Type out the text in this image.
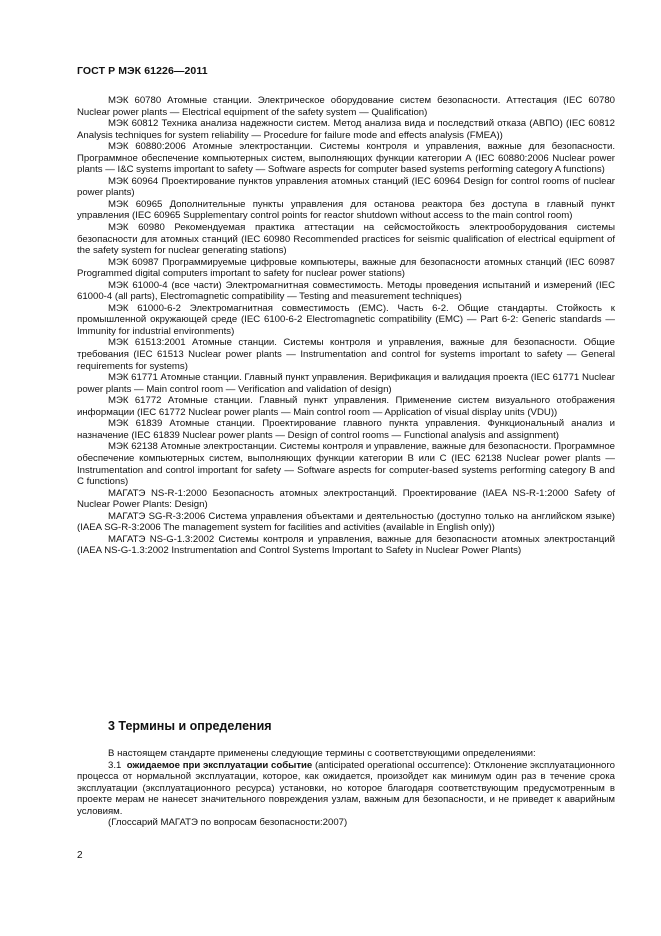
ГОСТ Р МЭК 61226—2011

МЭК 60780 Атомные станции. Электрическое оборудование систем безопасности. Аттестация (IEC 60780 Nuclear power plants — Electrical equipment of the safety system — Qualification)

МЭК 60812 Техника анализа надежности систем. Метод анализа вида и последствий отказа (АВПО) (IEC 60812 Analysis techniques for system reliability — Procedure for failure mode and effects analysis (FMEA))

МЭК 60880:2006 Атомные электростанции. Системы контроля и управления, важные для безопасности. Программное обеспечение компьютерных систем, выполняющих функции категории А (IEC 60880:2006 Nuclear power plants — I&C systems important to safety — Software aspects for computer based systems performing category A functions)

МЭК 60964 Проектирование пунктов управления атомных станций (IEC 60964 Design for control rooms of nuclear power plants)

МЭК 60965 Дополнительные пункты управления для останова реактора без доступа в главный пункт управления (IEC 60965 Supplementary control points for reactor shutdown without access to the main control room)

МЭК 60980 Рекомендуемая практика аттестации на сейсмостойкость электрооборудования системы безопасности для атомных станций (IEC 60980 Recommended practices for seismic qualification of electrical equipment of the safety system for nuclear generating stations)

МЭК 60987 Программируемые цифровые компьютеры, важные для безопасности атомных станций (IEC 60987 Programmed digital computers important to safety for nuclear power stations)

МЭК 61000-4 (все части) Электромагнитная совместимость. Методы проведения испытаний и измерений (IEC 61000-4 (all parts), Electromagnetic compatibility — Testing and measurement techniques)

МЭК 61000-6-2 Электромагнитная совместимость (ЕМС). Часть 6-2. Общие стандарты. Стойкость к промышленной окружающей среде (IEC 6100-6-2 Electromagnetic compatibility (EMC) — Part 6-2: Generic standards — Immunity for industrial environments)

МЭК 61513:2001 Атомные станции. Системы контроля и управления, важные для безопасности. Общие требования (IEC 61513 Nuclear power plants — Instrumentation and control for systems important to safety — General requirements for systems)

МЭК 61771 Атомные станции. Главный пункт управления. Верификация и валидация проекта (IEC 61771 Nuclear power plants — Main control room — Verification and validation of design)

МЭК 61772 Атомные станции. Главный пункт управления. Применение систем визуального отображения информации (IEC 61772 Nuclear power plants — Main control room — Application of visual display units (VDU))

МЭК 61839 Атомные станции. Проектирование главного пункта управления. Функциональный анализ и назначение (IEC 61839 Nuclear power plants — Design of control rooms — Functional analysis and assignment)

МЭК 62138 Атомные электростанции. Системы контроля и управление, важные для безопасности. Программное обеспечение компьютерных систем, выполняющих функции категории В или С (IEC 62138 Nuclear power plants — Instrumentation and control important for safety — Software aspects for computer-based systems performing category B and C functions)

МАГАТЭ NS-R-1:2000 Безопасность атомных электростанций. Проектирование (IAEA NS-R-1:2000 Safety of Nuclear Power Plants: Design)

МАГАТЭ SG-R-3:2006 Система управления объектами и деятельностью (доступно только на английском языке) (IAEA SG-R-3:2006 The management system for facilities and activities (available in English only))

МАГАТЭ NS-G-1.3:2002 Системы контроля и управления, важные для безопасности атомных электростанций (IAEA NS-G-1.3:2002 Instrumentation and Control Systems Important to Safety in Nuclear Power Plants)

3 Термины и определения

В настоящем стандарте применены следующие термины с соответствующими определениями:

3.1 ожидаемое при эксплуатации событие (anticipated operational occurrence): Отклонение эксплуатационного процесса от нормальной эксплуатации, которое, как ожидается, произойдет как минимум один раз в течение срока эксплуатации (эксплуатационного ресурса) установки, но которое благодаря соответствующим предусмотренным в проекте мерам не нанесет значительного повреждения узлам, важным для безопасности, и не приведет к аварийным условиям.

(Глоссарий МАГАТЭ по вопросам безопасности:2007)

2
